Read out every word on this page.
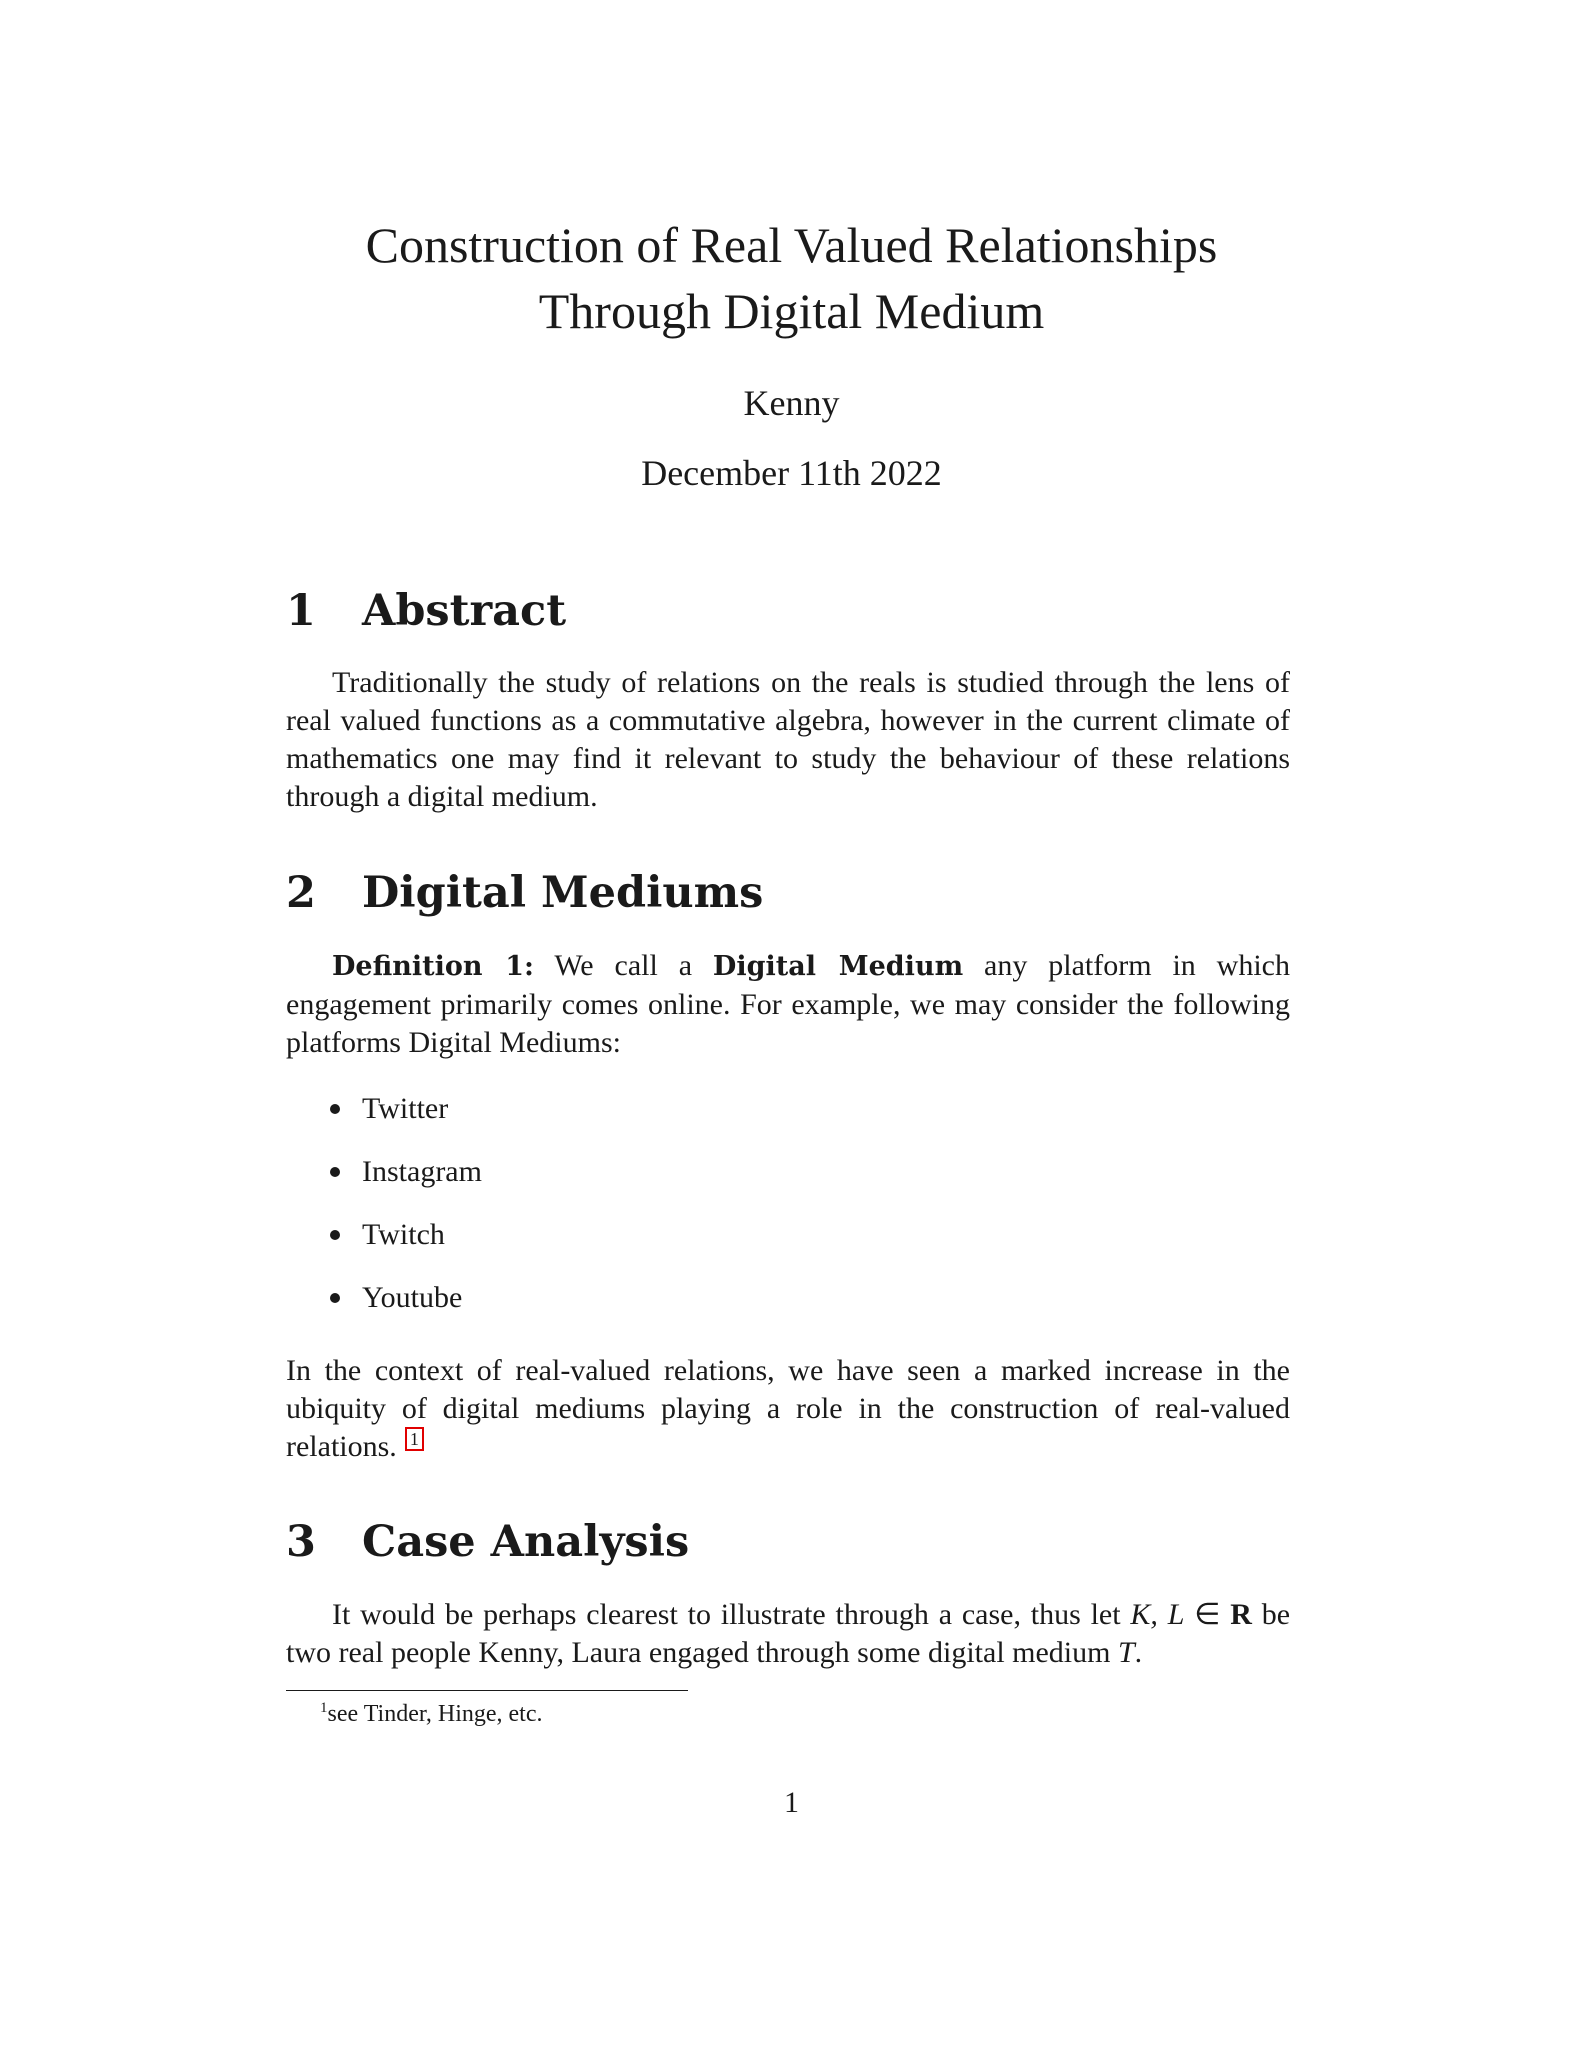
Construction of Real Valued Relationships
Through Digital Medium
Kenny
December 11th 2022
1 Abstract
Traditionally the study of relations on the reals is studied through the lens of real valued functions as a commutative algebra, however in the current climate of mathematics one may find it relevant to study the behaviour of these relations through a digital medium.
2 Digital Mediums
Definition 1: We call a Digital Medium any platform in which engagement primarily comes online. For example, we may consider the following platforms Digital Mediums:
Twitter
Instagram
Twitch
Youtube
In the context of real-valued relations, we have seen a marked increase in the ubiquity of digital mediums playing a role in the construction of real-valued relations. $^1$
3 Case Analysis
It would be perhaps clearest to illustrate through a case, thus let K, L ∈ R be two real people Kenny, Laura engaged through some digital medium T.
$^1$see Tinder, Hinge, etc.
1
